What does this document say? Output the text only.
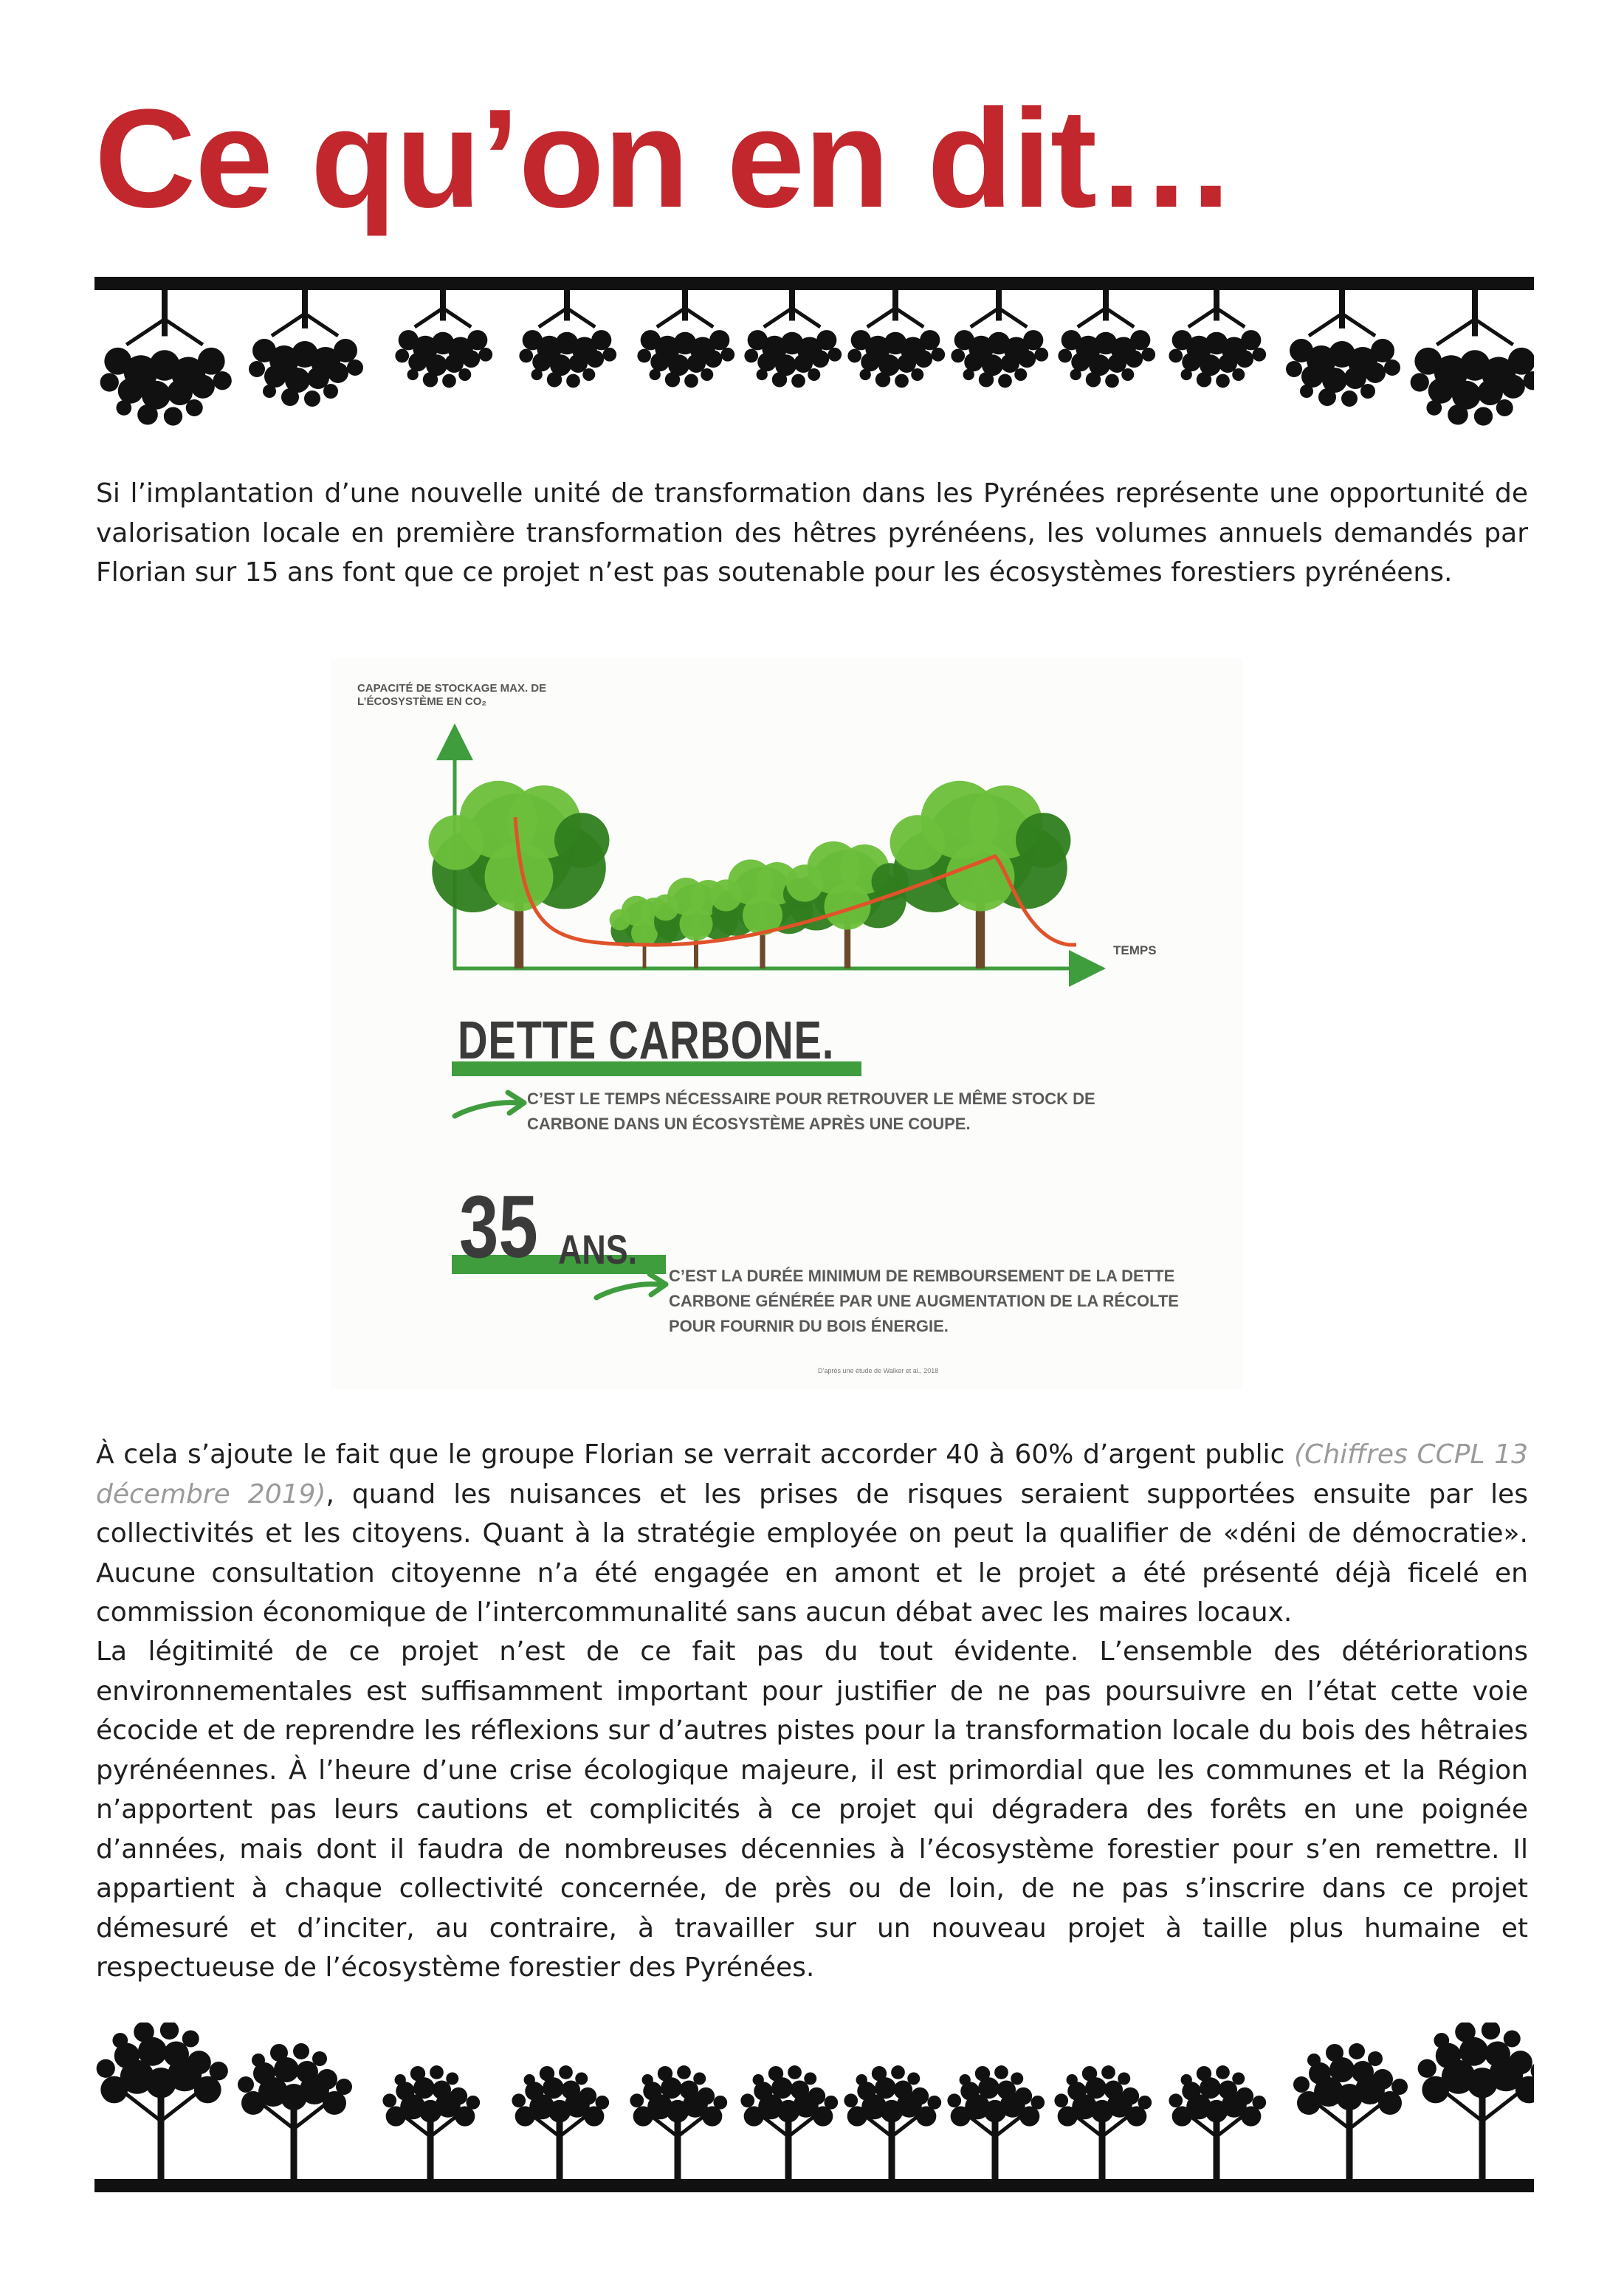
Ce qu’on en dit…

Si l’implantation d’une nouvelle unité de transformation dans les Pyrénées représente une opportunité de valorisation locale en première transformation des hêtres pyrénéens, les volumes annuels demandés par Florian sur 15 ans font que ce projet n’est pas soutenable pour les écosystèmes forestiers pyrénéens.

CAPACITÉ DE STOCKAGE MAX. DE L’ÉCOSYSTÈME EN CO₂

TEMPS

DETTE CARBONE.

C’EST LE TEMPS NÉCESSAIRE POUR RETROUVER LE MÊME STOCK DE CARBONE DANS UN ÉCOSYSTÈME APRÈS UNE COUPE.

35 ANS.

C’EST LA DURÉE MINIMUM DE REMBOURSEMENT DE LA DETTE CARBONE GÉNÉRÉE PAR UNE AUGMENTATION DE LA RÉCOLTE POUR FOURNIR DU BOIS ÉNERGIE.

D’après une étude de Walker et al., 2018

À cela s’ajoute le fait que le groupe Florian se verrait accorder 40 à 60% d’argent public (Chiffres CCPL 13 décembre 2019), quand les nuisances et les prises de risques seraient supportées ensuite par les collectivités et les citoyens. Quant à la stratégie employée on peut la qualifier de «déni de démocratie». Aucune consultation citoyenne n’a été engagée en amont et le projet a été présenté déjà ficelé en commission économique de l’intercommunalité sans aucun débat avec les maires locaux.

La légitimité de ce projet n’est de ce fait pas du tout évidente. L’ensemble des détériorations environnementales est suffisamment important pour justifier de ne pas poursuivre en l’état cette voie écocide et de reprendre les réflexions sur d’autres pistes pour la transformation locale du bois des hêtraies pyrénéennes. À l’heure d’une crise écologique majeure, il est primordial que les communes et la Région n’apportent pas leurs cautions et complicités à ce projet qui dégradera des forêts en une poignée d’années, mais dont il faudra de nombreuses décennies à l’écosystème forestier pour s’en remettre. Il appartient à chaque collectivité concernée, de près ou de loin, de ne pas s’inscrire dans ce projet démesuré et d’inciter, au contraire, à travailler sur un nouveau projet à taille plus humaine et respectueuse de l’écosystème forestier des Pyrénées.
